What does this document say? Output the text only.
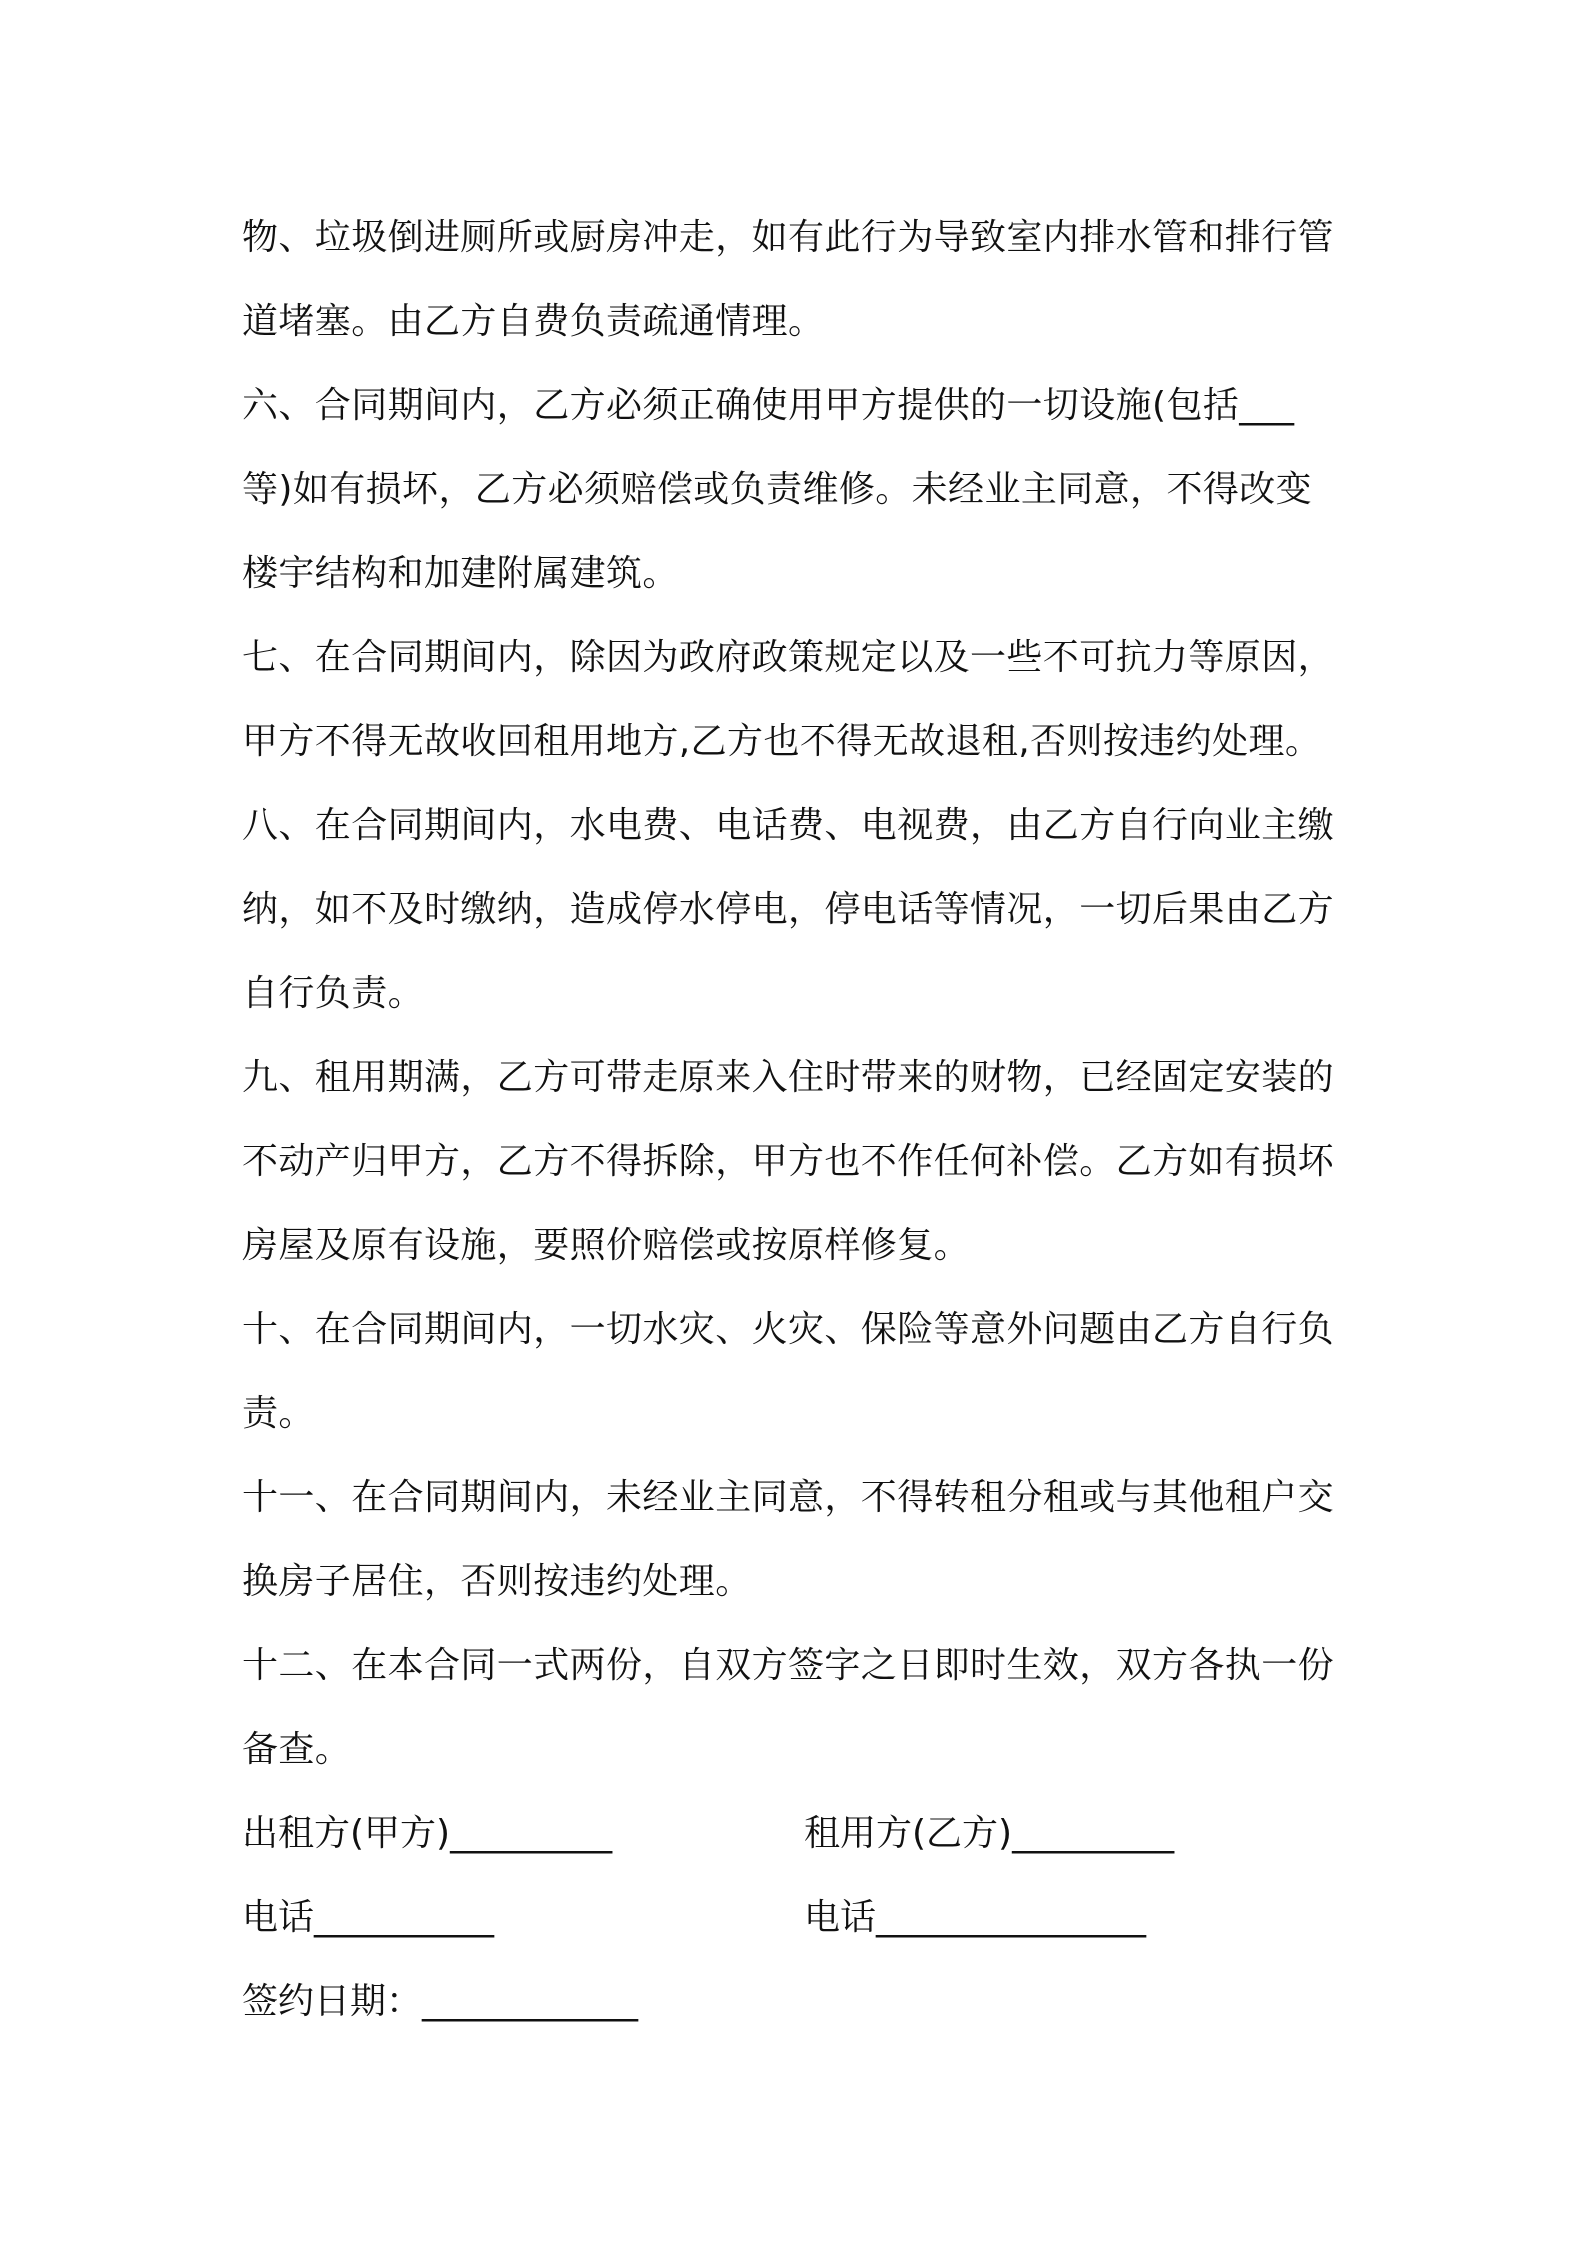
物、垃圾倒进厕所或厨房冲走，如有此行为导致室内排水管和排行管
道堵塞。由乙方自费负责疏通情理。
六、合同期间内，乙方必须正确使用甲方提供的一切设施(包括___
等)如有损坏，乙方必须赔偿或负责维修。未经业主同意，不得改变
楼宇结构和加建附属建筑。
七、在合同期间内，除因为政府政策规定以及一些不可抗力等原因，
甲方不得无故收回租用地方,乙方也不得无故退租,否则按违约处理。
八、在合同期间内，水电费、电话费、电视费，由乙方自行向业主缴
纳，如不及时缴纳，造成停水停电，停电话等情况，一切后果由乙方
自行负责。
九、租用期满，乙方可带走原来入住时带来的财物，已经固定安装的
不动产归甲方，乙方不得拆除，甲方也不作任何补偿。乙方如有损坏
房屋及原有设施，要照价赔偿或按原样修复。
十、在合同期间内，一切水灾、火灾、保险等意外问题由乙方自行负
责。
十一、在合同期间内，未经业主同意，不得转租分租或与其他租户交
换房子居住，否则按违约处理。
十二、在本合同一式两份，自双方签字之日即时生效，双方各执一份
备查。
出租方(甲方)_________	租用方(乙方)_________
电话__________	电话_______________
签约日期：____________
